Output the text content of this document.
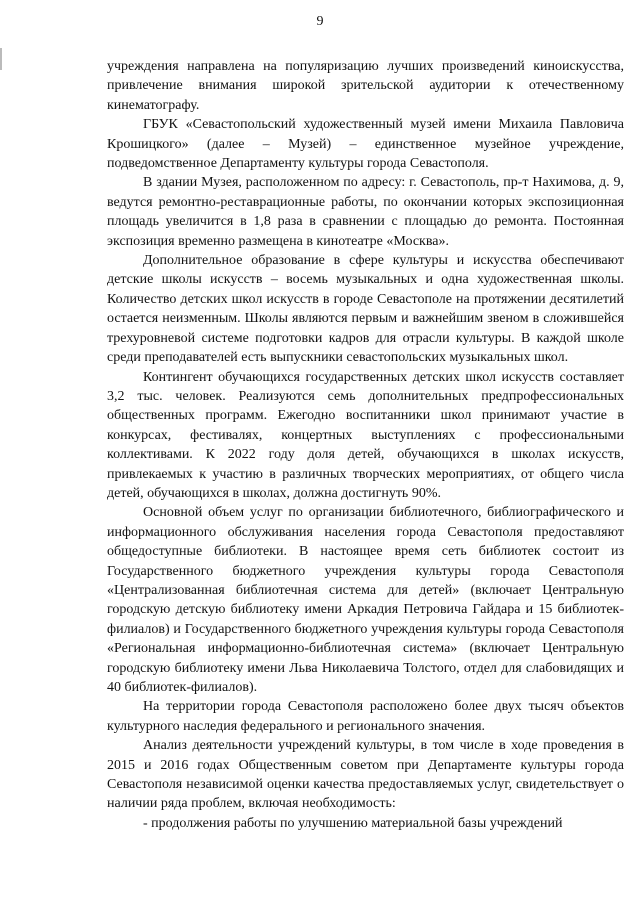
9

учреждения направлена на популяризацию лучших произведений киноискусства, привлечение внимания широкой зрительской аудитории к отечественному кинематографу.

ГБУК «Севастопольский художественный музей имени Михаила Павловича Крошицкого» (далее – Музей) – единственное музейное учреждение, подведомственное Департаменту культуры города Севастополя.

В здании Музея, расположенном по адресу: г. Севастополь, пр-т Нахимова, д. 9, ведутся ремонтно-реставрационные работы, по окончании которых экспозиционная площадь увеличится в 1,8 раза в сравнении с площадью до ремонта. Постоянная экспозиция временно размещена в кинотеатре «Москва».

Дополнительное образование в сфере культуры и искусства обеспечивают детские школы искусств – восемь музыкальных и одна художественная школы. Количество детских школ искусств в городе Севастополе на протяжении десятилетий остается неизменным. Школы являются первым и важнейшим звеном в сложившейся трехуровневой системе подготовки кадров для отрасли культуры. В каждой школе среди преподавателей есть выпускники севастопольских музыкальных школ.

Контингент обучающихся государственных детских школ искусств составляет 3,2 тыс. человек. Реализуются семь дополнительных предпрофессиональных общественных программ. Ежегодно воспитанники школ принимают участие в конкурсах, фестивалях, концертных выступлениях с профессиональными коллективами. К 2022 году доля детей, обучающихся в школах искусств, привлекаемых к участию в различных творческих мероприятиях, от общего числа детей, обучающихся в школах, должна достигнуть 90%.

Основной объем услуг по организации библиотечного, библиографического и информационного обслуживания населения города Севастополя предоставляют общедоступные библиотеки. В настоящее время сеть библиотек состоит из Государственного бюджетного учреждения культуры города Севастополя «Централизованная библиотечная система для детей» (включает Центральную городскую детскую библиотеку имени Аркадия Петровича Гайдара и 15 библиотек-филиалов) и Государственного бюджетного учреждения культуры города Севастополя «Региональная информационно-библиотечная система» (включает Центральную городскую библиотеку имени Льва Николаевича Толстого, отдел для слабовидящих и 40 библиотек-филиалов).

На территории города Севастополя расположено более двух тысяч объектов культурного наследия федерального и регионального значения.

Анализ деятельности учреждений культуры, в том числе в ходе проведения в 2015 и 2016 годах Общественным советом при Департаменте культуры города Севастополя независимой оценки качества предоставляемых услуг, свидетельствует о наличии ряда проблем, включая необходимость:

- продолжения работы по улучшению материальной базы учреждений
